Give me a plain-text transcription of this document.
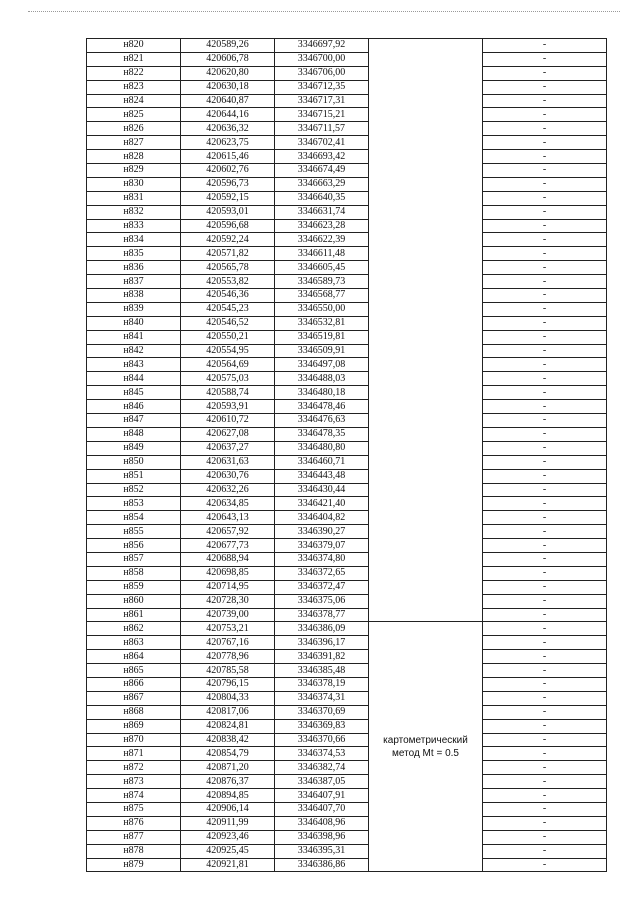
н820	420589,26	3346697,92		-
н821	420606,78	3346700,00		-
н822	420620,80	3346706,00		-
н823	420630,18	3346712,35		-
н824	420640,87	3346717,31		-
н825	420644,16	3346715,21		-
н826	420636,32	3346711,57		-
н827	420623,75	3346702,41		-
н828	420615,46	3346693,42		-
н829	420602,76	3346674,49		-
н830	420596,73	3346663,29		-
н831	420592,15	3346640,35		-
н832	420593,01	3346631,74		-
н833	420596,68	3346623,28		-
н834	420592,24	3346622,39		-
н835	420571,82	3346611,48		-
н836	420565,78	3346605,45		-
н837	420553,82	3346589,73		-
н838	420546,36	3346568,77		-
н839	420545,23	3346550,00		-
н840	420546,52	3346532,81		-
н841	420550,21	3346519,81		-
н842	420554,95	3346509,91		-
н843	420564,69	3346497,08		-
н844	420575,03	3346488,03		-
н845	420588,74	3346480,18		-
н846	420593,91	3346478,46		-
н847	420610,72	3346476,63		-
н848	420627,08	3346478,35		-
н849	420637,27	3346480,80		-
н850	420631,63	3346460,71		-
н851	420630,76	3346443,48		-
н852	420632,26	3346430,44		-
н853	420634,85	3346421,40		-
н854	420643,13	3346404,82		-
н855	420657,92	3346390,27		-
н856	420677,73	3346379,07		-
н857	420688,94	3346374,80		-
н858	420698,85	3346372,65		-
н859	420714,95	3346372,47		-
н860	420728,30	3346375,06		-
н861	420739,00	3346378,77		-
н862	420753,21	3346386,09	картометрический
метод Mt = 0.5	-
н863	420767,16	3346396,17		-
н864	420778,96	3346391,82		-
н865	420785,58	3346385,48		-
н866	420796,15	3346378,19		-
н867	420804,33	3346374,31		-
н868	420817,06	3346370,69		-
н869	420824,81	3346369,83		-
н870	420838,42	3346370,66		-
н871	420854,79	3346374,53		-
н872	420871,20	3346382,74		-
н873	420876,37	3346387,05		-
н874	420894,85	3346407,91		-
н875	420906,14	3346407,70		-
н876	420911,99	3346408,96		-
н877	420923,46	3346398,96		-
н878	420925,45	3346395,31		-
н879	420921,81	3346386,86		-
